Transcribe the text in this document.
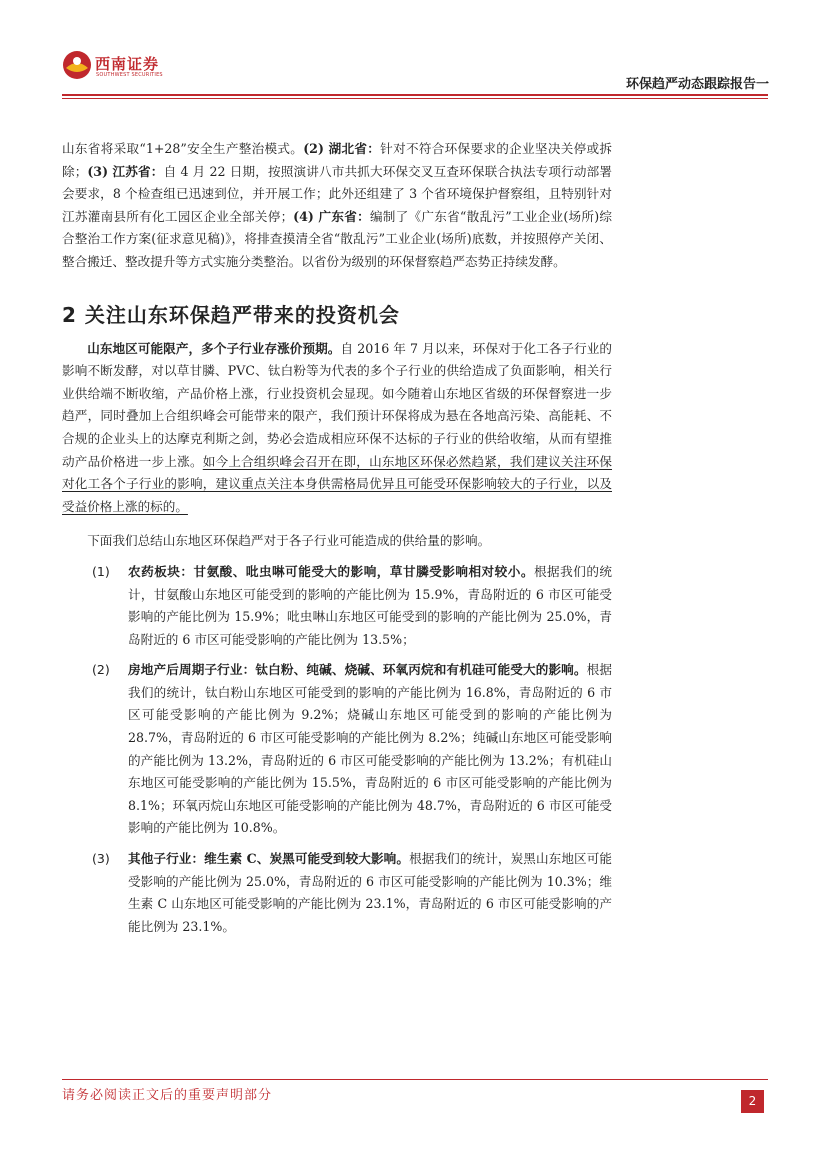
西南证券
SOUTHWEST SECURITIES
环保趋严动态跟踪报告一

山东省将采取“1+28”安全生产整治模式。(2) 湖北省：针对不符合环保要求的企业坚决关停或拆除；(3) 江苏省：自 4 月 22 日期，按照演讲八市共抓大环保交叉互查环保联合执法专项行动部署会要求，8 个检查组已迅速到位，并开展工作；此外还组建了 3 个省环境保护督察组，且特别针对江苏灌南县所有化工园区企业全部关停；(4) 广东省：编制了《广东省“散乱污”工业企业(场所)综合整治工作方案(征求意见稿)》，将排查摸清全省“散乱污”工业企业(场所)底数，并按照停产关闭、整合搬迁、整改提升等方式实施分类整治。以省份为级别的环保督察趋严态势正持续发酵。

2 关注山东环保趋严带来的投资机会

山东地区可能限产，多个子行业存涨价预期。自 2016 年 7 月以来，环保对于化工各子行业的影响不断发酵，对以草甘膦、PVC、钛白粉等为代表的多个子行业的供给造成了负面影响，相关行业供给端不断收缩，产品价格上涨，行业投资机会显现。如今随着山东地区省级的环保督察进一步趋严，同时叠加上合组织峰会可能带来的限产，我们预计环保将成为悬在各地高污染、高能耗、不合规的企业头上的达摩克利斯之剑，势必会造成相应环保不达标的子行业的供给收缩，从而有望推动产品价格进一步上涨。如今上合组织峰会召开在即，山东地区环保必然趋紧，我们建议关注环保对化工各个子行业的影响，建议重点关注本身供需格局优异且可能受环保影响较大的子行业，以及受益价格上涨的标的。

下面我们总结山东地区环保趋严对于各子行业可能造成的供给量的影响。

(1) 农药板块：甘氨酸、吡虫啉可能受大的影响，草甘膦受影响相对较小。根据我们的统计，甘氨酸山东地区可能受到的影响的产能比例为 15.9%，青岛附近的 6 市区可能受影响的产能比例为 15.9%；吡虫啉山东地区可能受到的影响的产能比例为 25.0%，青岛附近的 6 市区可能受影响的产能比例为 13.5%；

(2) 房地产后周期子行业：钛白粉、纯碱、烧碱、环氧丙烷和有机硅可能受大的影响。根据我们的统计，钛白粉山东地区可能受到的影响的产能比例为 16.8%，青岛附近的 6 市区可能受影响的产能比例为 9.2%；烧碱山东地区可能受到的影响的产能比例为 28.7%，青岛附近的 6 市区可能受影响的产能比例为 8.2%；纯碱山东地区可能受影响的产能比例为 13.2%，青岛附近的 6 市区可能受影响的产能比例为 13.2%；有机硅山东地区可能受影响的产能比例为 15.5%，青岛附近的 6 市区可能受影响的产能比例为 8.1%；环氧丙烷山东地区可能受影响的产能比例为 48.7%，青岛附近的 6 市区可能受影响的产能比例为 10.8%。

(3) 其他子行业：维生素 C、炭黑可能受到较大影响。根据我们的统计，炭黑山东地区可能受影响的产能比例为 25.0%，青岛附近的 6 市区可能受影响的产能比例为 10.3%；维生素 C 山东地区可能受影响的产能比例为 23.1%，青岛附近的 6 市区可能受影响的产能比例为 23.1%。

请务必阅读正文后的重要声明部分	2
